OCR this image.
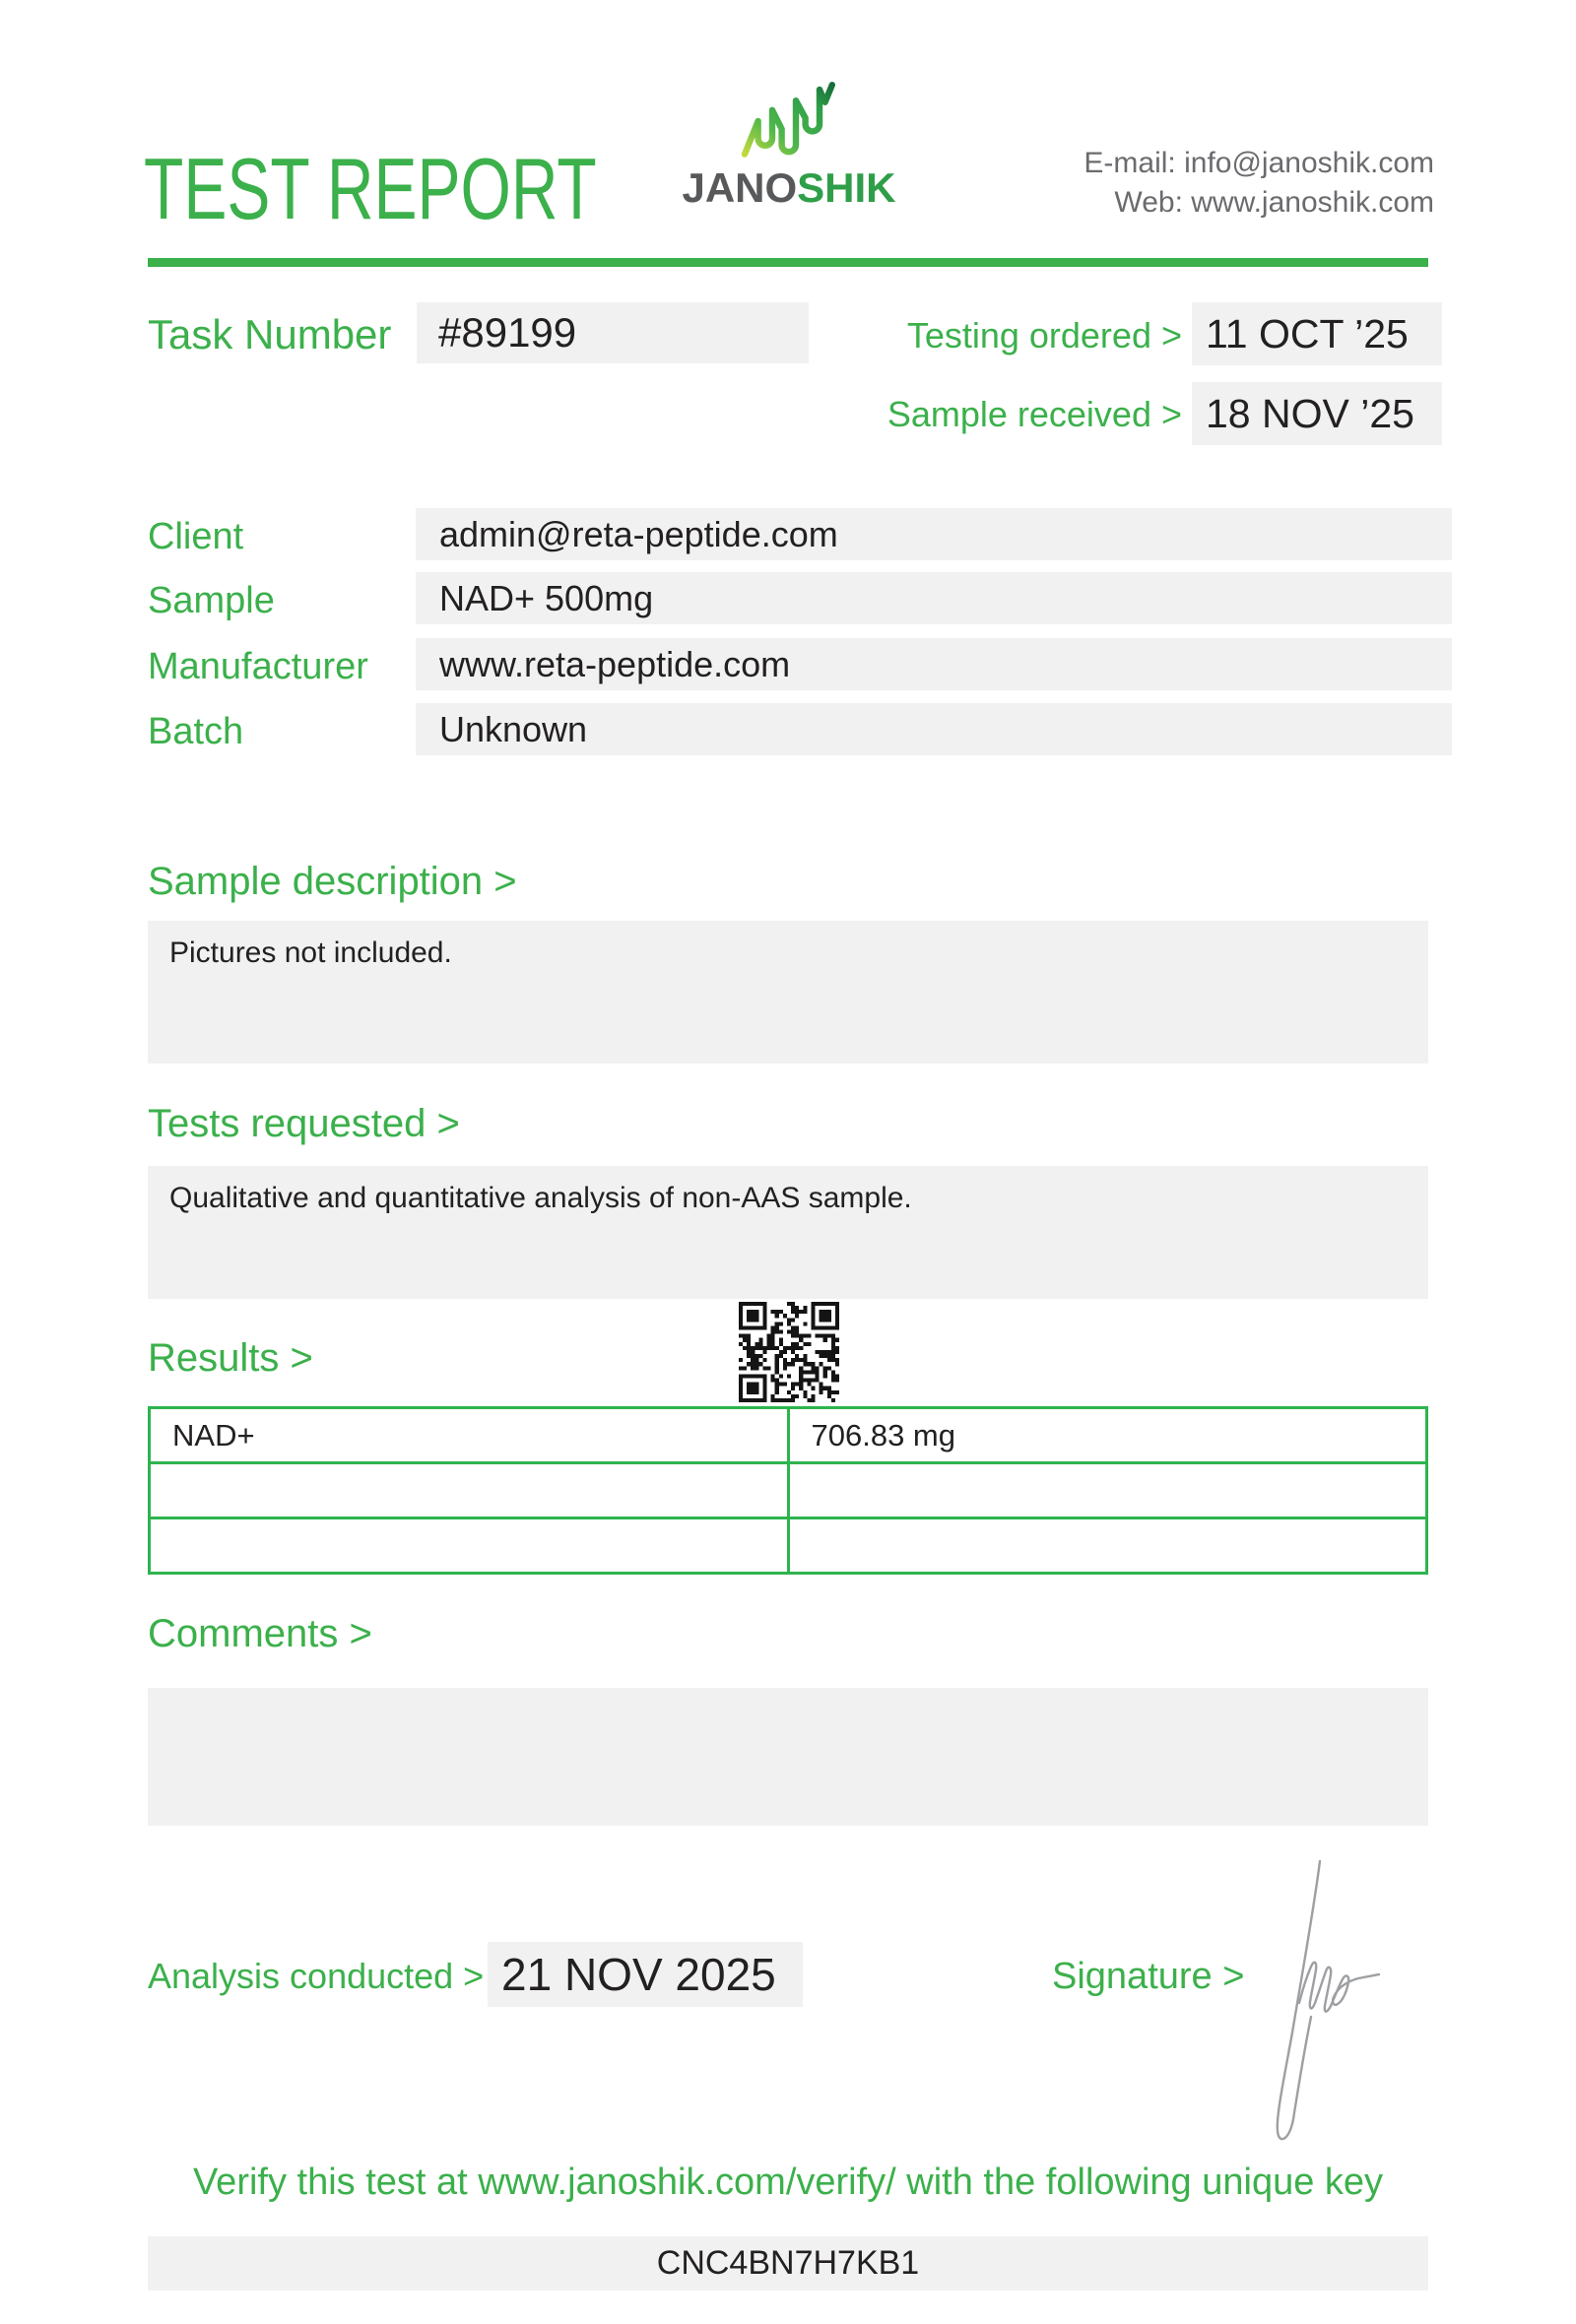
TEST REPORT JANOSHIK
E-mail: info@janoshik.com
Web: www.janoshik.com
Task Number	#89199	Testing ordered > 11 OCT ’25
Sample received > 18 NOV ’25
Client	admin@reta-peptide.com
Sample	NAD+ 500mg
Manufacturer	www.reta-peptide.com
Batch	Unknown
Sample description >
Pictures not included.
Tests requested >
Qualitative and quantitative analysis of non-AAS sample.
Results >
NAD+	706.83 mg

Comments >
Analysis conducted > 21 NOV 2025	Signature >
Verify this test at www.janoshik.com/verify/ with the following unique key
CNC4BN7H7KB1
